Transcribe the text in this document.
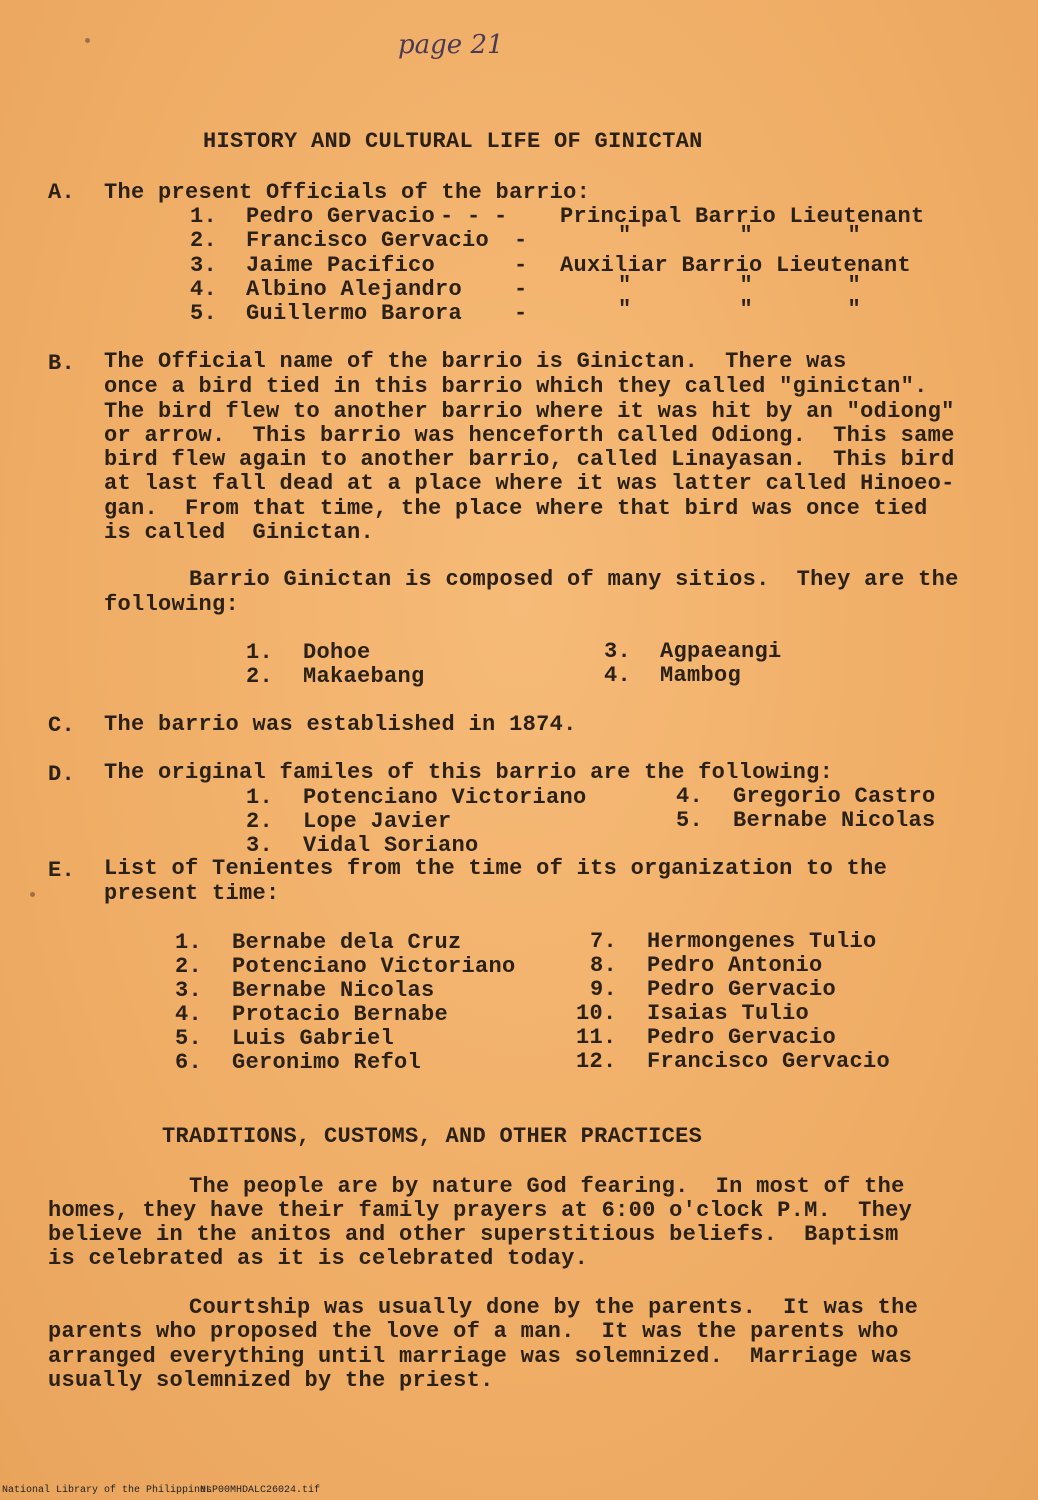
page 21
HISTORY AND CULTURAL LIFE OF GINICTAN
A. The present Officials of the barrio:
1. Pedro Gervacio - - - Principal Barrio Lieutenant
2. Francisco Gervacio -	"        "       "
3. Jaime Pacifico	- Auxiliar Barrio Lieutenant
4. Albino Alejandro -	"        "       "
5. Guillermo Barora -	"        "       "
B. The Official name of the barrio is Ginictan.  There was
once a bird tied in this barrio which they called "ginictan".
The bird flew to another barrio where it was hit by an "odiong"
or arrow.  This barrio was henceforth called Odiong.  This same
bird flew again to another barrio, called Linayasan.  This bird
at last fall dead at a place where it was latter called Hinoeo-
gan.  From that time, the place where that bird was once tied
is called  Ginictan.
Barrio Ginictan is composed of many sitios.  They are the
following:
1. Dohoe
2. Makaebang
3. Agpaeangi
4. Mambog
C. The barrio was established in 1874.
D. The original familes of this barrio are the following:
1. Potenciano Victoriano
2. Lope Javier
3. Vidal Soriano
4. Gregorio Castro
5. Bernabe Nicolas
E. List of Tenientes from the time of its organization to the
present time:
1. Bernabe dela Cruz
2. Potenciano Victoriano
3. Bernabe Nicolas
4. Protacio Bernabe
5. Luis Gabriel
6. Geronimo Refol
7. Hermongenes Tulio
8. Pedro Antonio
9. Pedro Gervacio
10. Isaias Tulio
11. Pedro Gervacio
12. Francisco Gervacio
TRADITIONS, CUSTOMS, AND OTHER PRACTICES
The people are by nature God fearing.  In most of the
homes, they have their family prayers at 6:00 o'clock P.M.  They
believe in the anitos and other superstitious beliefs.  Baptism
is celebrated as it is celebrated today.
Courtship was usually done by the parents.  It was the
parents who proposed the love of a man.  It was the parents who
arranged everything until marriage was solemnized.  Marriage was
usually solemnized by the priest.
National Library of the Philippines
NLP00MHDALC26024.tif
